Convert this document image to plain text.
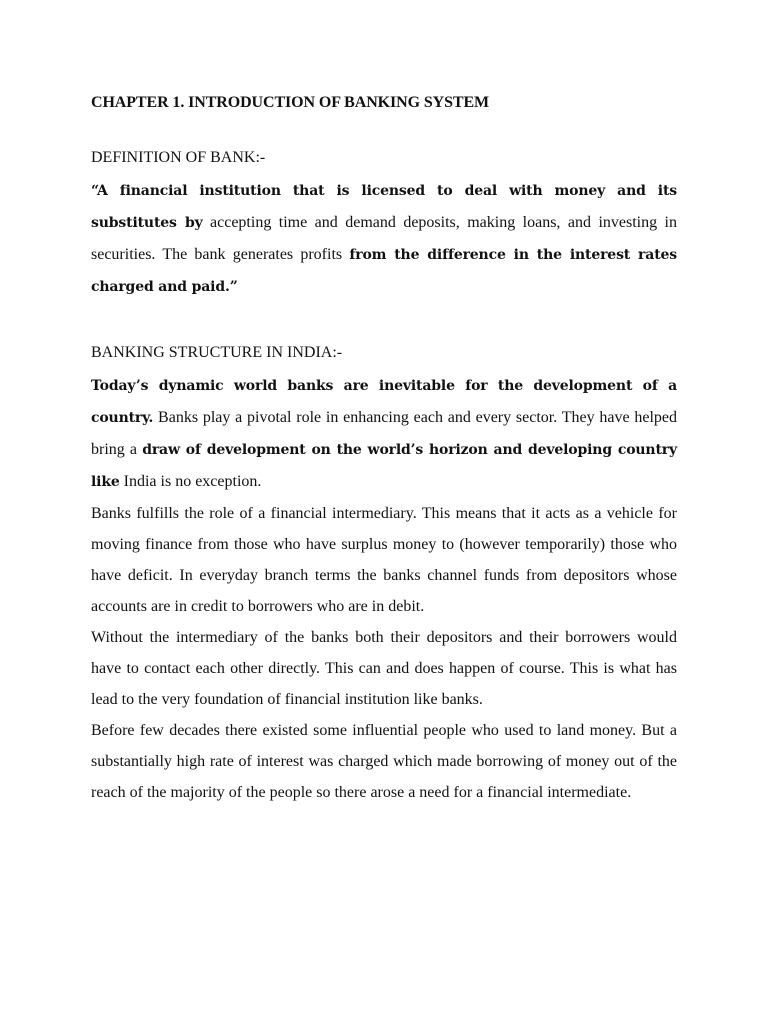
CHAPTER 1. INTRODUCTION OF BANKING SYSTEM
DEFINITION OF BANK:-

“A financial institution that is licensed to deal with money and its substitutes by accepting time and demand deposits, making loans, and investing in securities. The bank generates profits from the difference in the interest rates charged and paid.”

BANKING STRUCTURE IN INDIA:-

Today’s dynamic world banks are inevitable for the development of a country. Banks play a pivotal role in enhancing each and every sector. They have helped bring a draw of development on the world’s horizon and developing country like India is no exception.

Banks fulfills the role of a financial intermediary. This means that it acts as a vehicle for moving finance from those who have surplus money to (however temporarily) those who have deficit. In everyday branch terms the banks channel funds from depositors whose accounts are in credit to borrowers who are in debit.

Without the intermediary of the banks both their depositors and their borrowers would have to contact each other directly. This can and does happen of course. This is what has lead to the very foundation of financial institution like banks.

Before few decades there existed some influential people who used to land money. But a substantially high rate of interest was charged which made borrowing of money out of the reach of the majority of the people so there arose a need for a financial intermediate.
